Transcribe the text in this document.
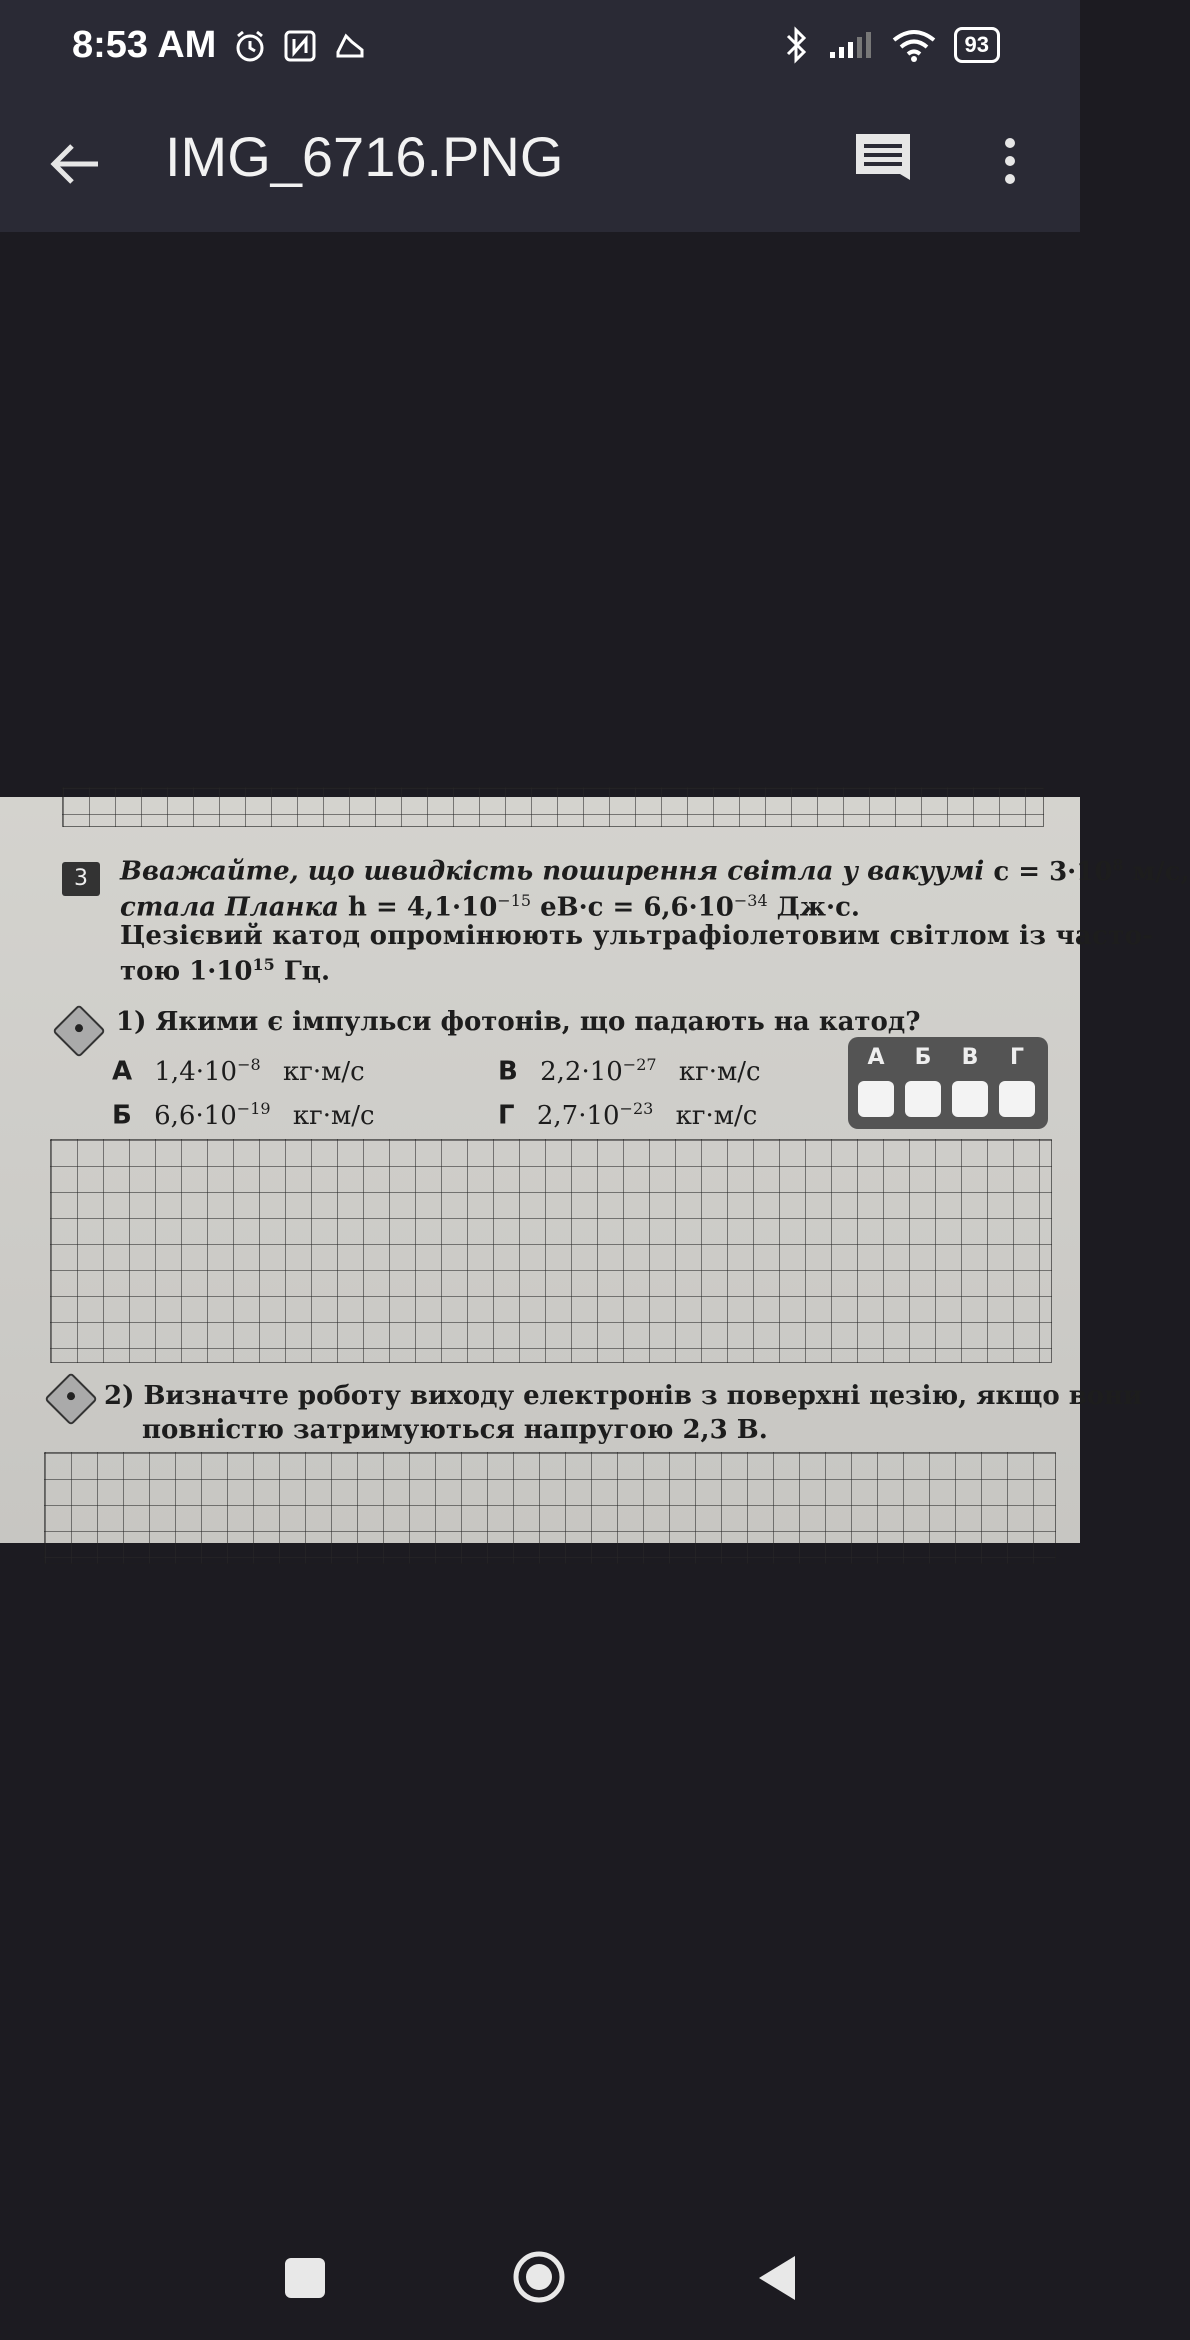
8:53 AM	93
IMG_6716.PNG
3	Вважайте, що швидкість поширення світла у вакуумі $c = 3\cdot 10^8$ м/с,
стала Планка $h = 4,1\cdot 10^{-15}$ $еВ\cdot с = 6,6\cdot 10^{-34}$ Дж·с.
Цезієвий катод опромінюють ультрафіолетовим світлом із часто-
тою $1\cdot 10^{15}$ Гц.
1) Якими є імпульси фотонів, що падають на катод?
А $1,4\cdot 10^{-8}$ кг·м/с
Б $6,6\cdot 10^{-19}$ кг·м/с
В $2,2\cdot 10^{-27}$ кг·м/с
Г $2,7\cdot 10^{-23}$ кг·м/с
А	Б	В	Г
2) Визначте роботу виходу електронів з поверхні цезію, якщо вони
повністю затримуються напругою 2,3 В.
